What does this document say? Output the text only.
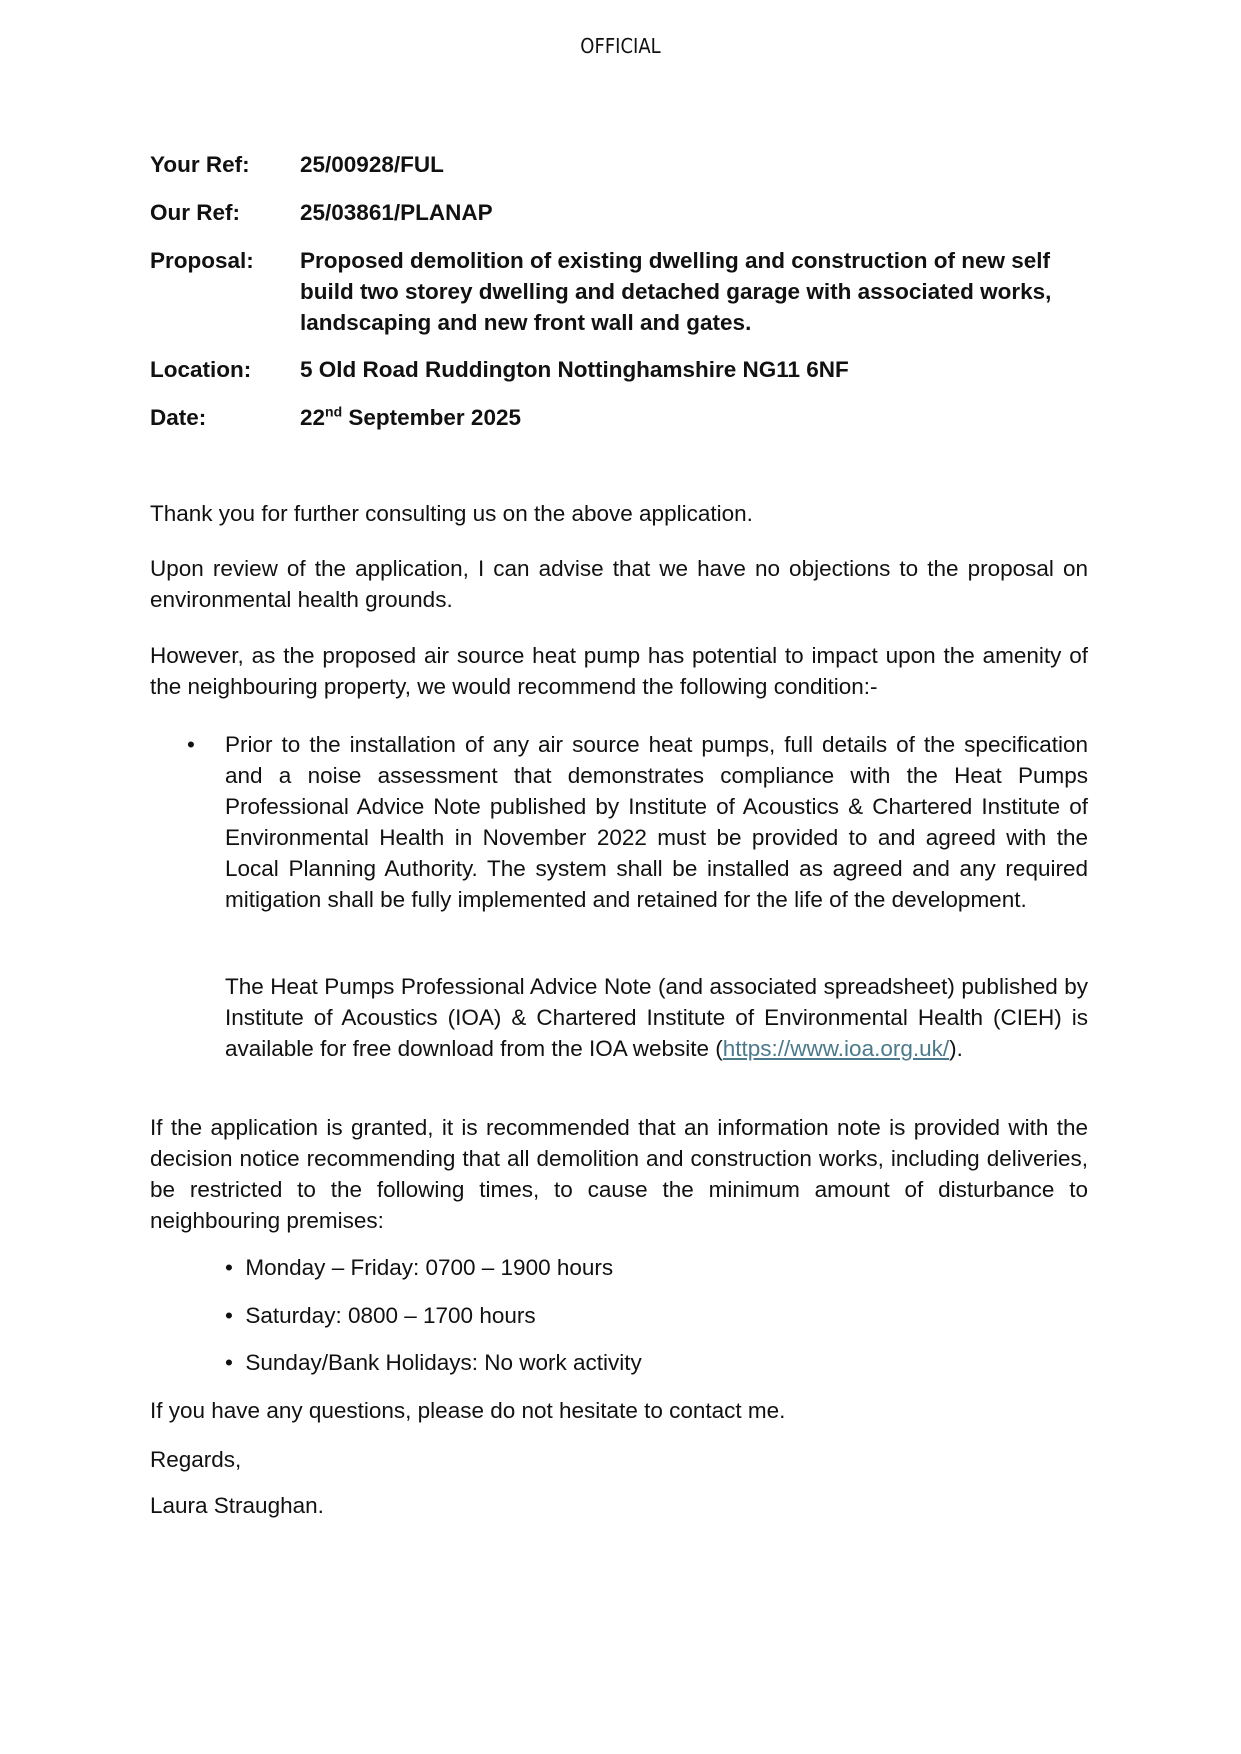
OFFICIAL
Your Ref: 25/00928/FUL
Our Ref:	25/03861/PLANAP
Proposal: Proposed demolition of existing dwelling and construction of new self build two storey dwelling and detached garage with associated works, landscaping and new front wall and gates.
Location: 5 Old Road Ruddington Nottinghamshire NG11 6NF
Date:	22nd September 2025
Thank you for further consulting us on the above application.
Upon review of the application, I can advise that we have no objections to the proposal on environmental health grounds.
However, as the proposed air source heat pump has potential to impact upon the amenity of the neighbouring property, we would recommend the following condition:-
• Prior to the installation of any air source heat pumps, full details of the specification and a noise assessment that demonstrates compliance with the Heat Pumps Professional Advice Note published by Institute of Acoustics & Chartered Institute of Environmental Health in November 2022 must be provided to and agreed with the Local Planning Authority. The system shall be installed as agreed and any required mitigation shall be fully implemented and retained for the life of the development.
The Heat Pumps Professional Advice Note (and associated spreadsheet) published by Institute of Acoustics (IOA) & Chartered Institute of Environmental Health (CIEH) is available for free download from the IOA website (https://www.ioa.org.uk/).
If the application is granted, it is recommended that an information note is provided with the decision notice recommending that all demolition and construction works, including deliveries, be restricted to the following times, to cause the minimum amount of disturbance to neighbouring premises:
•  Monday – Friday: 0700 – 1900 hours
•  Saturday: 0800 – 1700 hours
•  Sunday/Bank Holidays: No work activity
If you have any questions, please do not hesitate to contact me.
Regards,
Laura Straughan.
